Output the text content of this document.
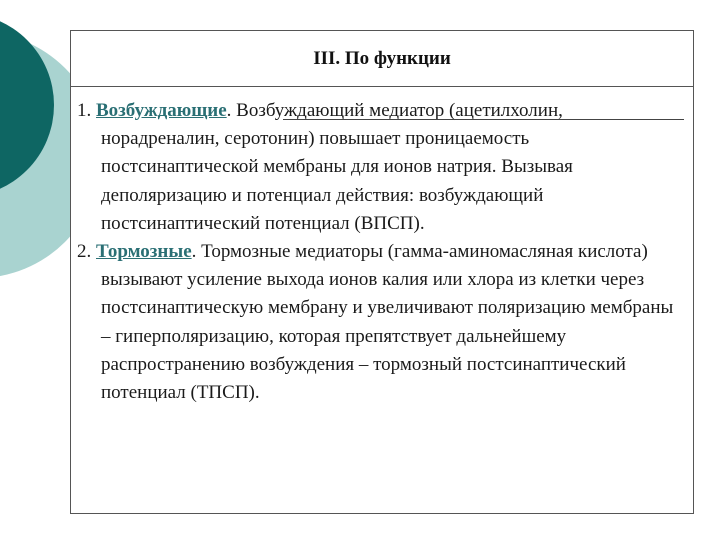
III. По функции

1. Возбуждающие. Возбуждающий медиатор (ацетилхолин, норадреналин, серотонин) повышает проницаемость постсинаптической мембраны для ионов натрия. Вызывая деполяризацию и потенциал действия: возбуждающий постсинаптический потенциал (ВПСП).

2. Тормозные. Тормозные медиаторы (гамма-аминомасляная кислота) вызывают усиление выхода ионов калия или хлора из клетки через постсинаптическую мембрану и увеличивают поляризацию мембраны – гиперполяризацию, которая препятствует дальнейшему распространению возбуждения – тормозный постсинаптический потенциал (ТПСП).
